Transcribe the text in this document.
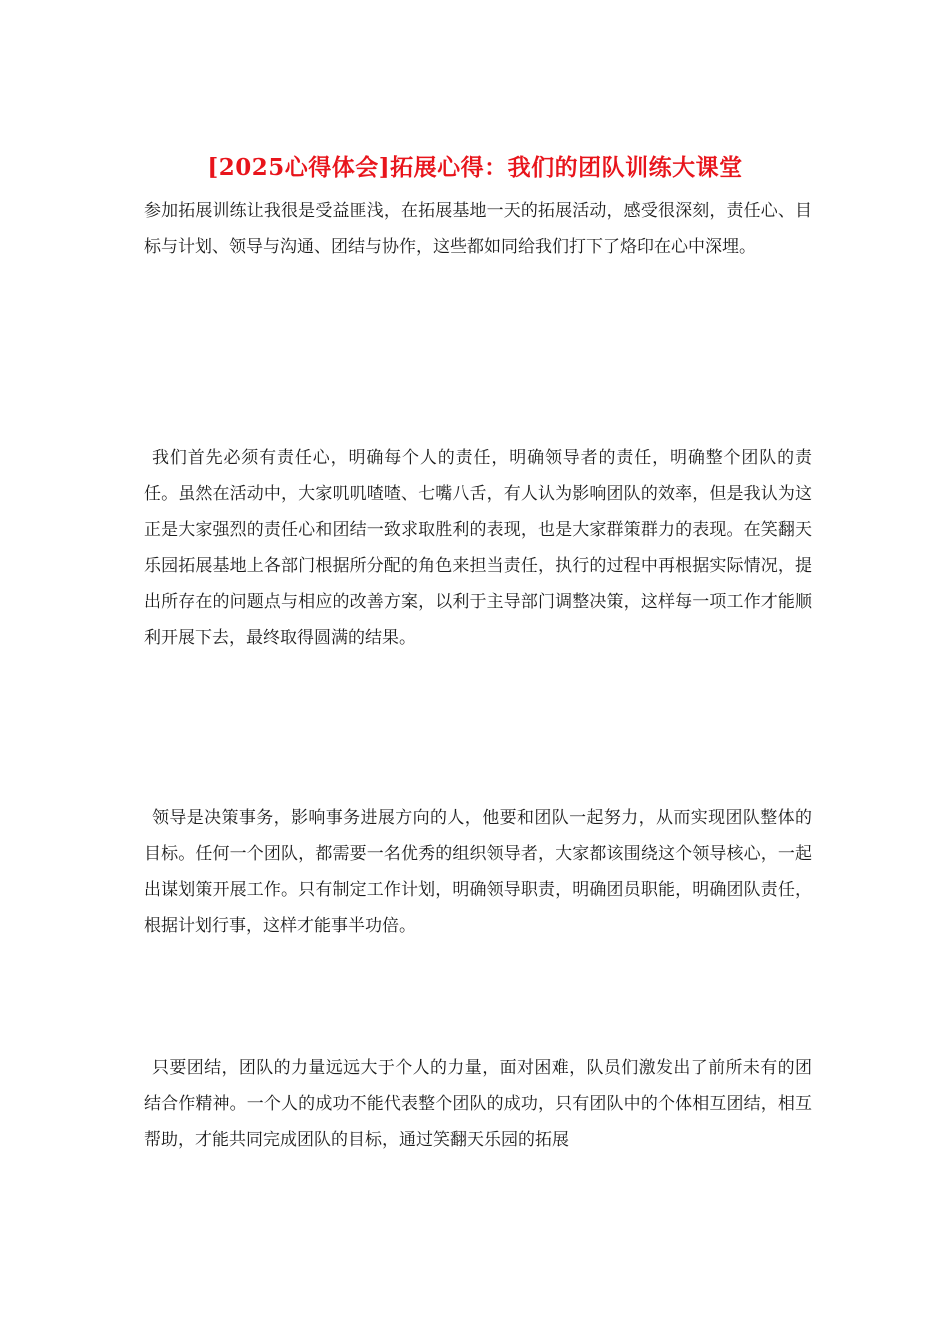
[2025心得体会]拓展心得：我们的团队训练大课堂

参加拓展训练让我很是受益匪浅，在拓展基地一天的拓展活动，感受很深刻，责任心、目标与计划、领导与沟通、团结与协作，这些都如同给我们打下了烙印在心中深埋。

我们首先必须有责任心，明确每个人的责任，明确领导者的责任，明确整个团队的责任。虽然在活动中，大家叽叽喳喳、七嘴八舌，有人认为影响团队的效率，但是我认为这正是大家强烈的责任心和团结一致求取胜利的表现，也是大家群策群力的表现。在笑翻天乐园拓展基地上各部门根据所分配的角色来担当责任，执行的过程中再根据实际情况，提出所存在的问题点与相应的改善方案，以利于主导部门调整决策，这样每一项工作才能顺利开展下去，最终取得圆满的结果。

领导是决策事务，影响事务进展方向的人，他要和团队一起努力，从而实现团队整体的目标。任何一个团队，都需要一名优秀的组织领导者，大家都该围绕这个领导核心，一起出谋划策开展工作。只有制定工作计划，明确领导职责，明确团员职能，明确团队责任，根据计划行事，这样才能事半功倍。

只要团结，团队的力量远远大于个人的力量，面对困难，队员们激发出了前所未有的团结合作精神。一个人的成功不能代表整个团队的成功，只有团队中的个体相互团结，相互帮助，才能共同完成团队的目标，通过笑翻天乐园的拓展
